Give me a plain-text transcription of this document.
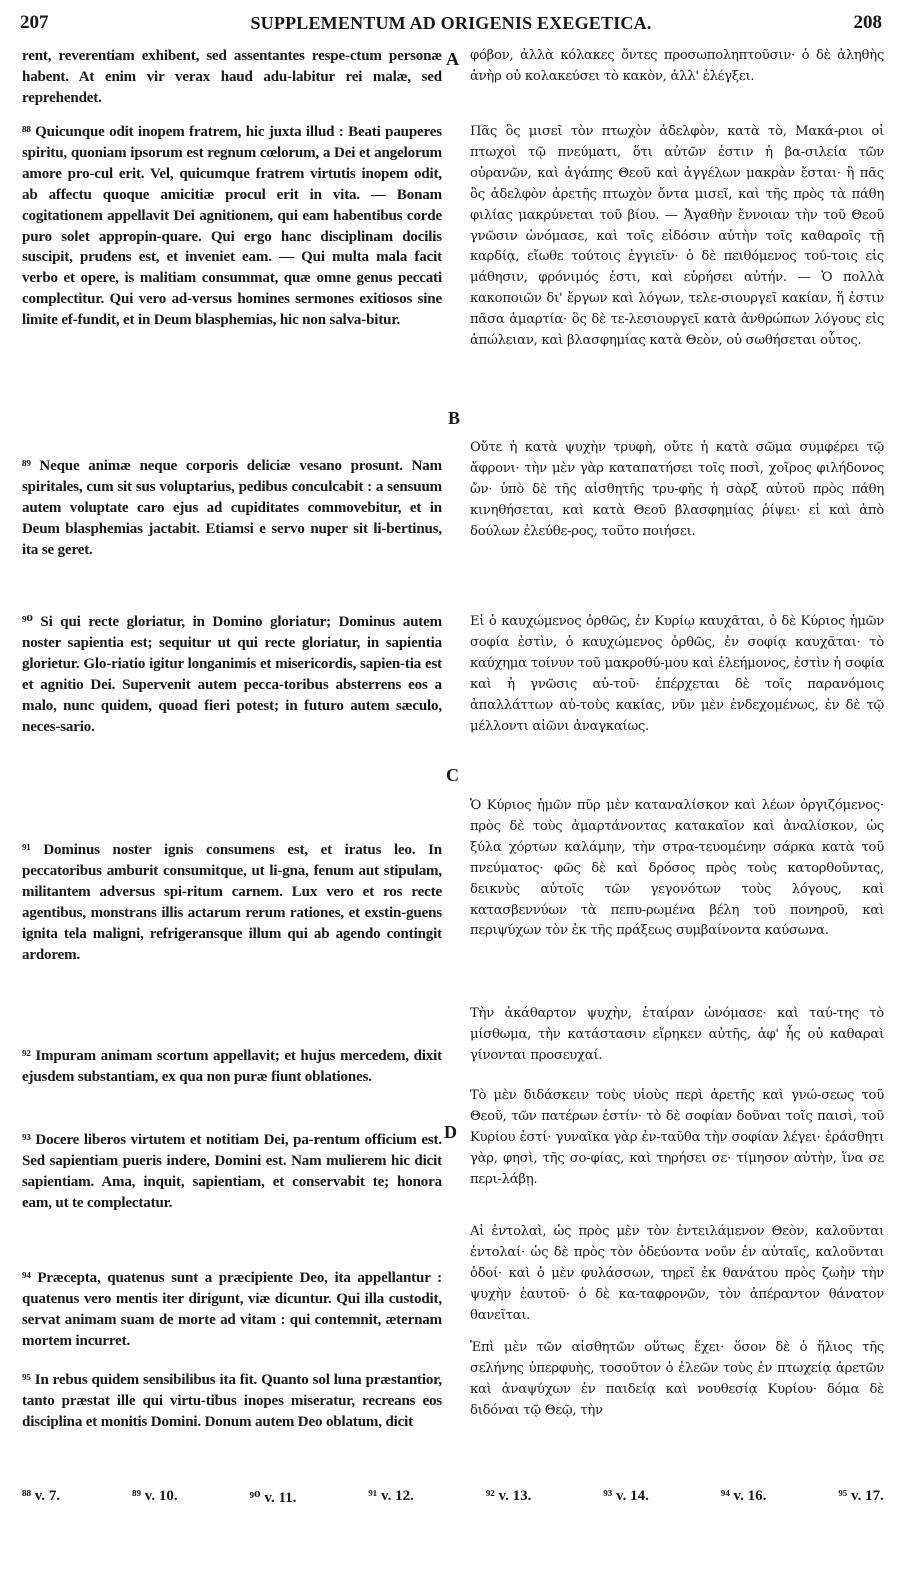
207	SUPPLEMENTUM AD ORIGENIS EXEGETICA.	208
A
B
C
D
rent, reverentiam exhibent, sed assentantes respe-ctum personæ habent. At enim vir verax haud adu-labitur rei malæ, sed reprehendet.
⁸⁸ Quicunque odit inopem fratrem, hic juxta illud : Beati pauperes spiritu, quoniam ipsorum est regnum cœlorum, a Dei et angelorum amore pro-cul erit. Vel, quicumque fratrem virtutis inopem odit, ab affectu quoque amicitiæ procul erit in vita. — Bonam cogitationem appellavit Dei agnitionem, qui eam habentibus corde puro solet appropin-quare. Qui ergo hanc disciplinam docilis suscipit, prudens est, et inveniet eam. — Qui multa mala facit verbo et opere, is malitiam consummat, quæ omne genus peccati complectitur. Qui vero ad-versus homines sermones exitiosos sine limite ef-fundit, et in Deum blasphemias, hic non salva-bitur.
⁸⁹ Neque animæ neque corporis deliciæ vesano prosunt. Nam spiritales, cum sit sus voluptarius, pedibus conculcabit : a sensuum autem voluptate caro ejus ad cupiditates commovebitur, et in Deum blasphemias jactabit. Etiamsi e servo nuper sit li-bertinus, ita se geret.
⁹⁰ Si qui recte gloriatur, in Domino gloriatur; Dominus autem noster sapientia est; sequitur ut qui recte gloriatur, in sapientia glorietur. Glo-riatio igitur longanimis et misericordis, sapien-tia est et agnitio Dei. Supervenit autem pecca-toribus absterrens eos a malo, nunc quidem, quoad fieri potest; in futuro autem sæculo, neces-sario.
⁹¹ Dominus noster ignis consumens est, et iratus leo. In peccatoribus amburit consumitque, ut li-gna, fenum aut stipulam, militantem adversus spi-ritum carnem. Lux vero et ros recte agentibus, monstrans illis actarum rerum rationes, et exstin-guens ignita tela maligni, refrigeransque illum qui ab agendo contingit ardorem.
⁹² Impuram animam scortum appellavit; et hujus mercedem, dixit ejusdem substantiam, ex qua non puræ fiunt oblationes.
⁹³ Docere liberos virtutem et notitiam Dei, pa-rentum officium est. Sed sapientiam pueris indere, Domini est. Nam mulierem hic dicit sapientiam. Ama, inquit, sapientiam, et conservabit te; honora eam, ut te complectatur.
⁹⁴ Præcepta, quatenus sunt a præcipiente Deo, ita appellantur : quatenus vero mentis iter dirigunt, viæ dicuntur. Qui illa custodit, servat animam suam de morte ad vitam : qui contemnit, æternam mortem incurret.
⁹⁵ In rebus quidem sensibilibus ita fit. Quanto sol luna præstantior, tanto præstat ille qui virtu-tibus inopes miseratur, recreans eos disciplina et monitis Domini. Donum autem Deo oblatum, dicit
φόβον, ἀλλὰ κόλακες ὄντες προσωποληπτοῦσιν· ὁ δὲ ἀληθὴς ἀνὴρ οὐ κολακεύσει τὸ κακὸν, ἀλλ' ἐλέγξει.
Πᾶς ὃς μισεῖ τὸν πτωχὸν ἀδελφὸν, κατὰ τὸ, Μακά-ριοι οἱ πτωχοὶ τῷ πνεύματι, ὅτι αὐτῶν ἐστιν ἡ βα-σιλεία τῶν οὐρανῶν, καὶ ἀγάπης Θεοῦ καὶ ἀγγέλων μακρὰν ἔσται· ἢ πᾶς ὃς ἀδελφὸν ἀρετῆς πτωχὸν ὄντα μισεῖ, καὶ τῆς πρὸς τὰ πάθη φιλίας μακρύνεται τοῦ βίου. — Ἀγαθὴν ἔννοιαν τὴν τοῦ Θεοῦ γνῶσιν ὠνόμασε, καὶ τοῖς εἰδόσιν αὐτὴν τοῖς καθαροῖς τῇ καρδίᾳ, εἴωθε τούτοις ἐγγιεῖν· ὁ δὲ πειθόμενος τού-τοις εἰς μάθησιν, φρόνιμός ἐστι, καὶ εὑρήσει αὐτήν. — Ὁ πολλὰ κακοποιῶν δι' ἔργων καὶ λόγων, τελε-σιουργεῖ κακίαν, ἥ ἐστιν πᾶσα ἁμαρτία· ὃς δὲ τε-λεσιουργεῖ κατὰ ἀνθρώπων λόγους εἰς ἀπώλειαν, καὶ βλασφημίας κατὰ Θεὸν, οὐ σωθήσεται οὗτος.
Οὔτε ἡ κατὰ ψυχὴν τρυφὴ, οὔτε ἡ κατὰ σῶμα συμφέρει τῷ ἄφρονι· τὴν μὲν γὰρ καταπατήσει τοῖς ποσὶ, χοῖρος φιλήδονος ὤν· ὑπὸ δὲ τῆς αἰσθητῆς τρυ-φῆς ἡ σὰρξ αὐτοῦ πρὸς πάθη κινηθήσεται, καὶ κατὰ Θεοῦ βλασφημίας ῥίψει· εἰ καὶ ἀπὸ δούλων ἐλεύθε-ρος, τοῦτο ποιήσει.
Εἰ ὁ καυχώμενος ὀρθῶς, ἐν Κυρίῳ καυχᾶται, ὁ δὲ Κύριος ἡμῶν σοφία ἐστὶν, ὁ καυχώμενος ὀρθῶς, ἐν σοφίᾳ καυχᾶται· τὸ καύχημα τοίνυν τοῦ μακροθύ-μου καὶ ἐλεήμονος, ἐστὶν ἡ σοφία καὶ ἡ γνῶσις αὐ-τοῦ· ἐπέρχεται δὲ τοῖς παρανόμοις ἀπαλλάττων αὐ-τοὺς κακίας, νῦν μὲν ἐνδεχομένως, ἐν δὲ τῷ μέλλοντι αἰῶνι ἀναγκαίως.
Ὁ Κύριος ἡμῶν πῦρ μὲν καταναλίσκον καὶ λέων ὀργιζόμενος· πρὸς δὲ τοὺς ἁμαρτάνοντας κατακαῖον καὶ ἀναλίσκον, ὡς ξύλα χόρτων καλάμην, τὴν στρα-τευομένην σάρκα κατὰ τοῦ πνεύματος· φῶς δὲ καὶ δρόσος πρὸς τοὺς κατορθοῦντας, δεικνὺς αὐτοῖς τῶν γεγονότων τοὺς λόγους, καὶ κατασβεννύων τὰ πεπυ-ρωμένα βέλη τοῦ πονηροῦ, καὶ περιψύχων τὸν ἐκ τῆς πράξεως συμβαίνοντα καύσωνα.
Τὴν ἀκάθαρτον ψυχὴν, ἑταίραν ὠνόμασε· καὶ ταύ-της τὸ μίσθωμα, τὴν κατάστασιν εἴρηκεν αὐτῆς, ἀφ' ἧς οὐ καθαραὶ γίνονται προσευχαί.
Τὸ μὲν διδάσκειν τοὺς υἱοὺς περὶ ἀρετῆς καὶ γνώ-σεως τοῦ Θεοῦ, τῶν πατέρων ἐστίν· τὸ δὲ σοφίαν δοῦναι τοῖς παισὶ, τοῦ Κυρίου ἐστί· γυναῖκα γὰρ ἐν-ταῦθα τὴν σοφίαν λέγει· ἐράσθητι γὰρ, φησὶ, τῆς σο-φίας, καὶ τηρήσει σε· τίμησον αὐτὴν, ἵνα σε περι-λάβῃ.
Αἱ ἐντολαὶ, ὡς πρὸς μὲν τὸν ἐντειλάμενον Θεὸν, καλοῦνται ἐντολαί· ὡς δὲ πρὸς τὸν ὁδεύοντα νοῦν ἐν αὐταῖς, καλοῦνται ὁδοί· καὶ ὁ μὲν φυλάσσων, τηρεῖ ἐκ θανάτου πρὸς ζωὴν τὴν ψυχὴν ἑαυτοῦ· ὁ δὲ κα-ταφρονῶν, τὸν ἀπέραντον θάνατον θανεῖται.
Ἐπὶ μὲν τῶν αἰσθητῶν οὕτως ἔχει· ὅσον δὲ ὁ ἥλιος τῆς σελήνης ὑπερφυὴς, τοσοῦτον ὁ ἐλεῶν τοὺς ἐν πτωχείᾳ ἀρετῶν καὶ ἀναψύχων ἐν παιδείᾳ καὶ νουθεσίᾳ Κυρίου· δόμα δὲ διδόναι τῷ Θεῷ, τὴν
⁸⁸ v. 7.	⁸⁹ v. 10.	⁹⁰ v. 11.	⁹¹ v. 12.	⁹² v. 13.	⁹³ v. 14.	⁹⁴ v. 16.	⁹⁵ v. 17.
